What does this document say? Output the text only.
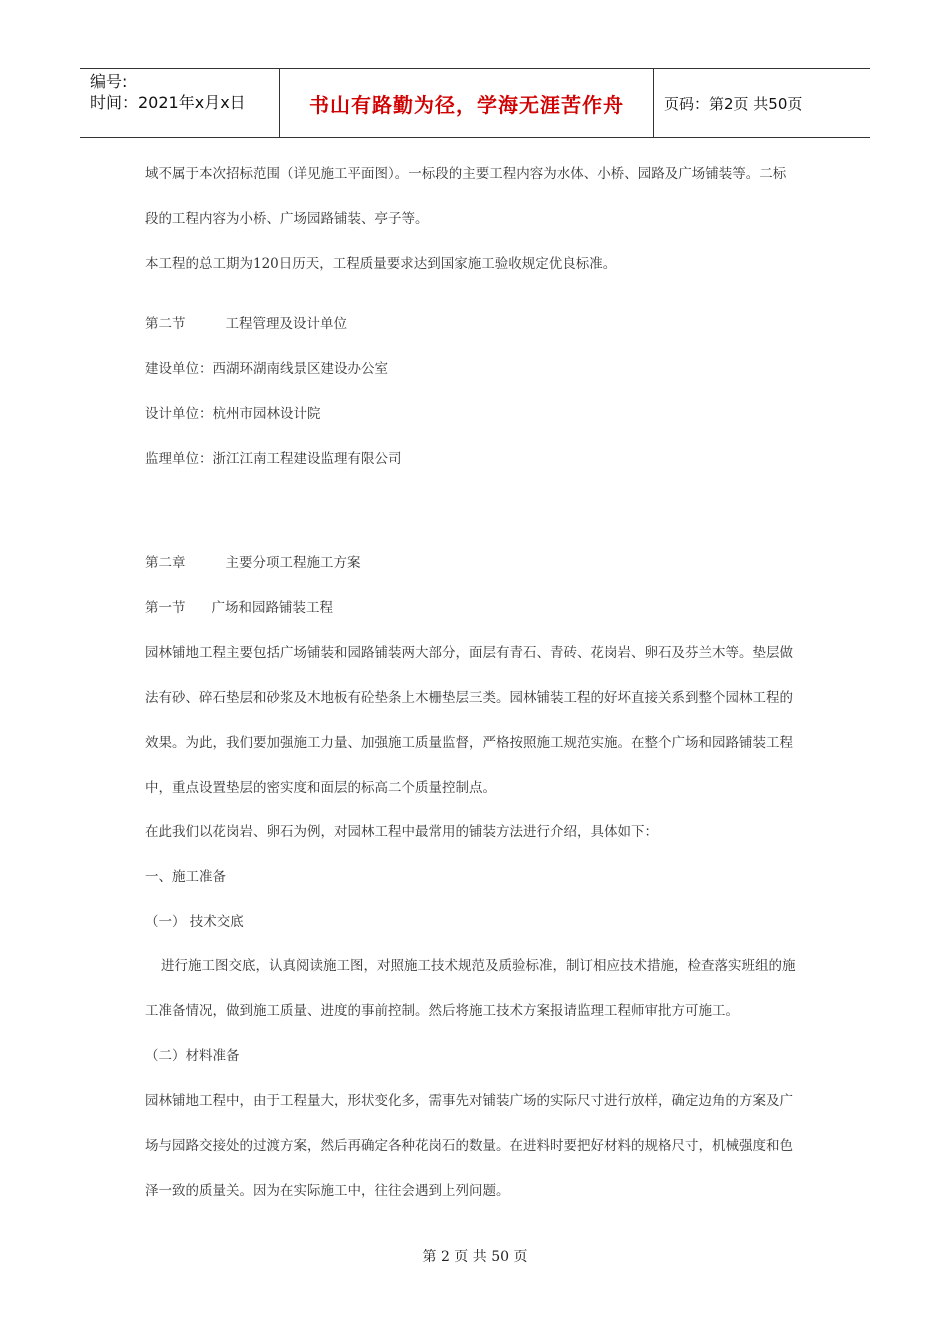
编号:
时间：2021年x月x日	书山有路勤为径，学海无涯苦作舟	页码：第2页 共50页
域不属于本次招标范围（详见施工平面图）。一标段的主要工程内容为水体、小桥、园路及广场铺装等。二标
段的工程内容为小桥、广场园路铺装、亭子等。
本工程的总工期为120日历天，工程质量要求达到国家施工验收规定优良标准。
第二节	工程管理及设计单位
建设单位：西湖环湖南线景区建设办公室
设计单位：杭州市园林设计院
监理单位：浙江江南工程建设监理有限公司
第二章	主要分项工程施工方案
第一节 广场和园路铺装工程
园林铺地工程主要包括广场铺装和园路铺装两大部分，面层有青石、青砖、花岗岩、卵石及芬兰木等。垫层做
法有砂、碎石垫层和砂浆及木地板有砼垫条上木栅垫层三类。园林铺装工程的好坏直接关系到整个园林工程的
效果。为此，我们要加强施工力量、加强施工质量监督，严格按照施工规范实施。在整个广场和园路铺装工程
中，重点设置垫层的密实度和面层的标高二个质量控制点。
在此我们以花岗岩、卵石为例，对园林工程中最常用的铺装方法进行介绍，具体如下：
一、施工准备
（一） 技术交底
进行施工图交底，认真阅读施工图，对照施工技术规范及质验标准，制订相应技术措施，检查落实班组的施
工准备情况，做到施工质量、进度的事前控制。然后将施工技术方案报请监理工程师审批方可施工。
（二）材料准备
园林铺地工程中，由于工程量大，形状变化多，需事先对铺装广场的实际尺寸进行放样，确定边角的方案及广
场与园路交接处的过渡方案，然后再确定各种花岗石的数量。在进料时要把好材料的规格尺寸，机械强度和色
泽一致的质量关。因为在实际施工中，往往会遇到上列问题。
第 2 页 共 50 页
